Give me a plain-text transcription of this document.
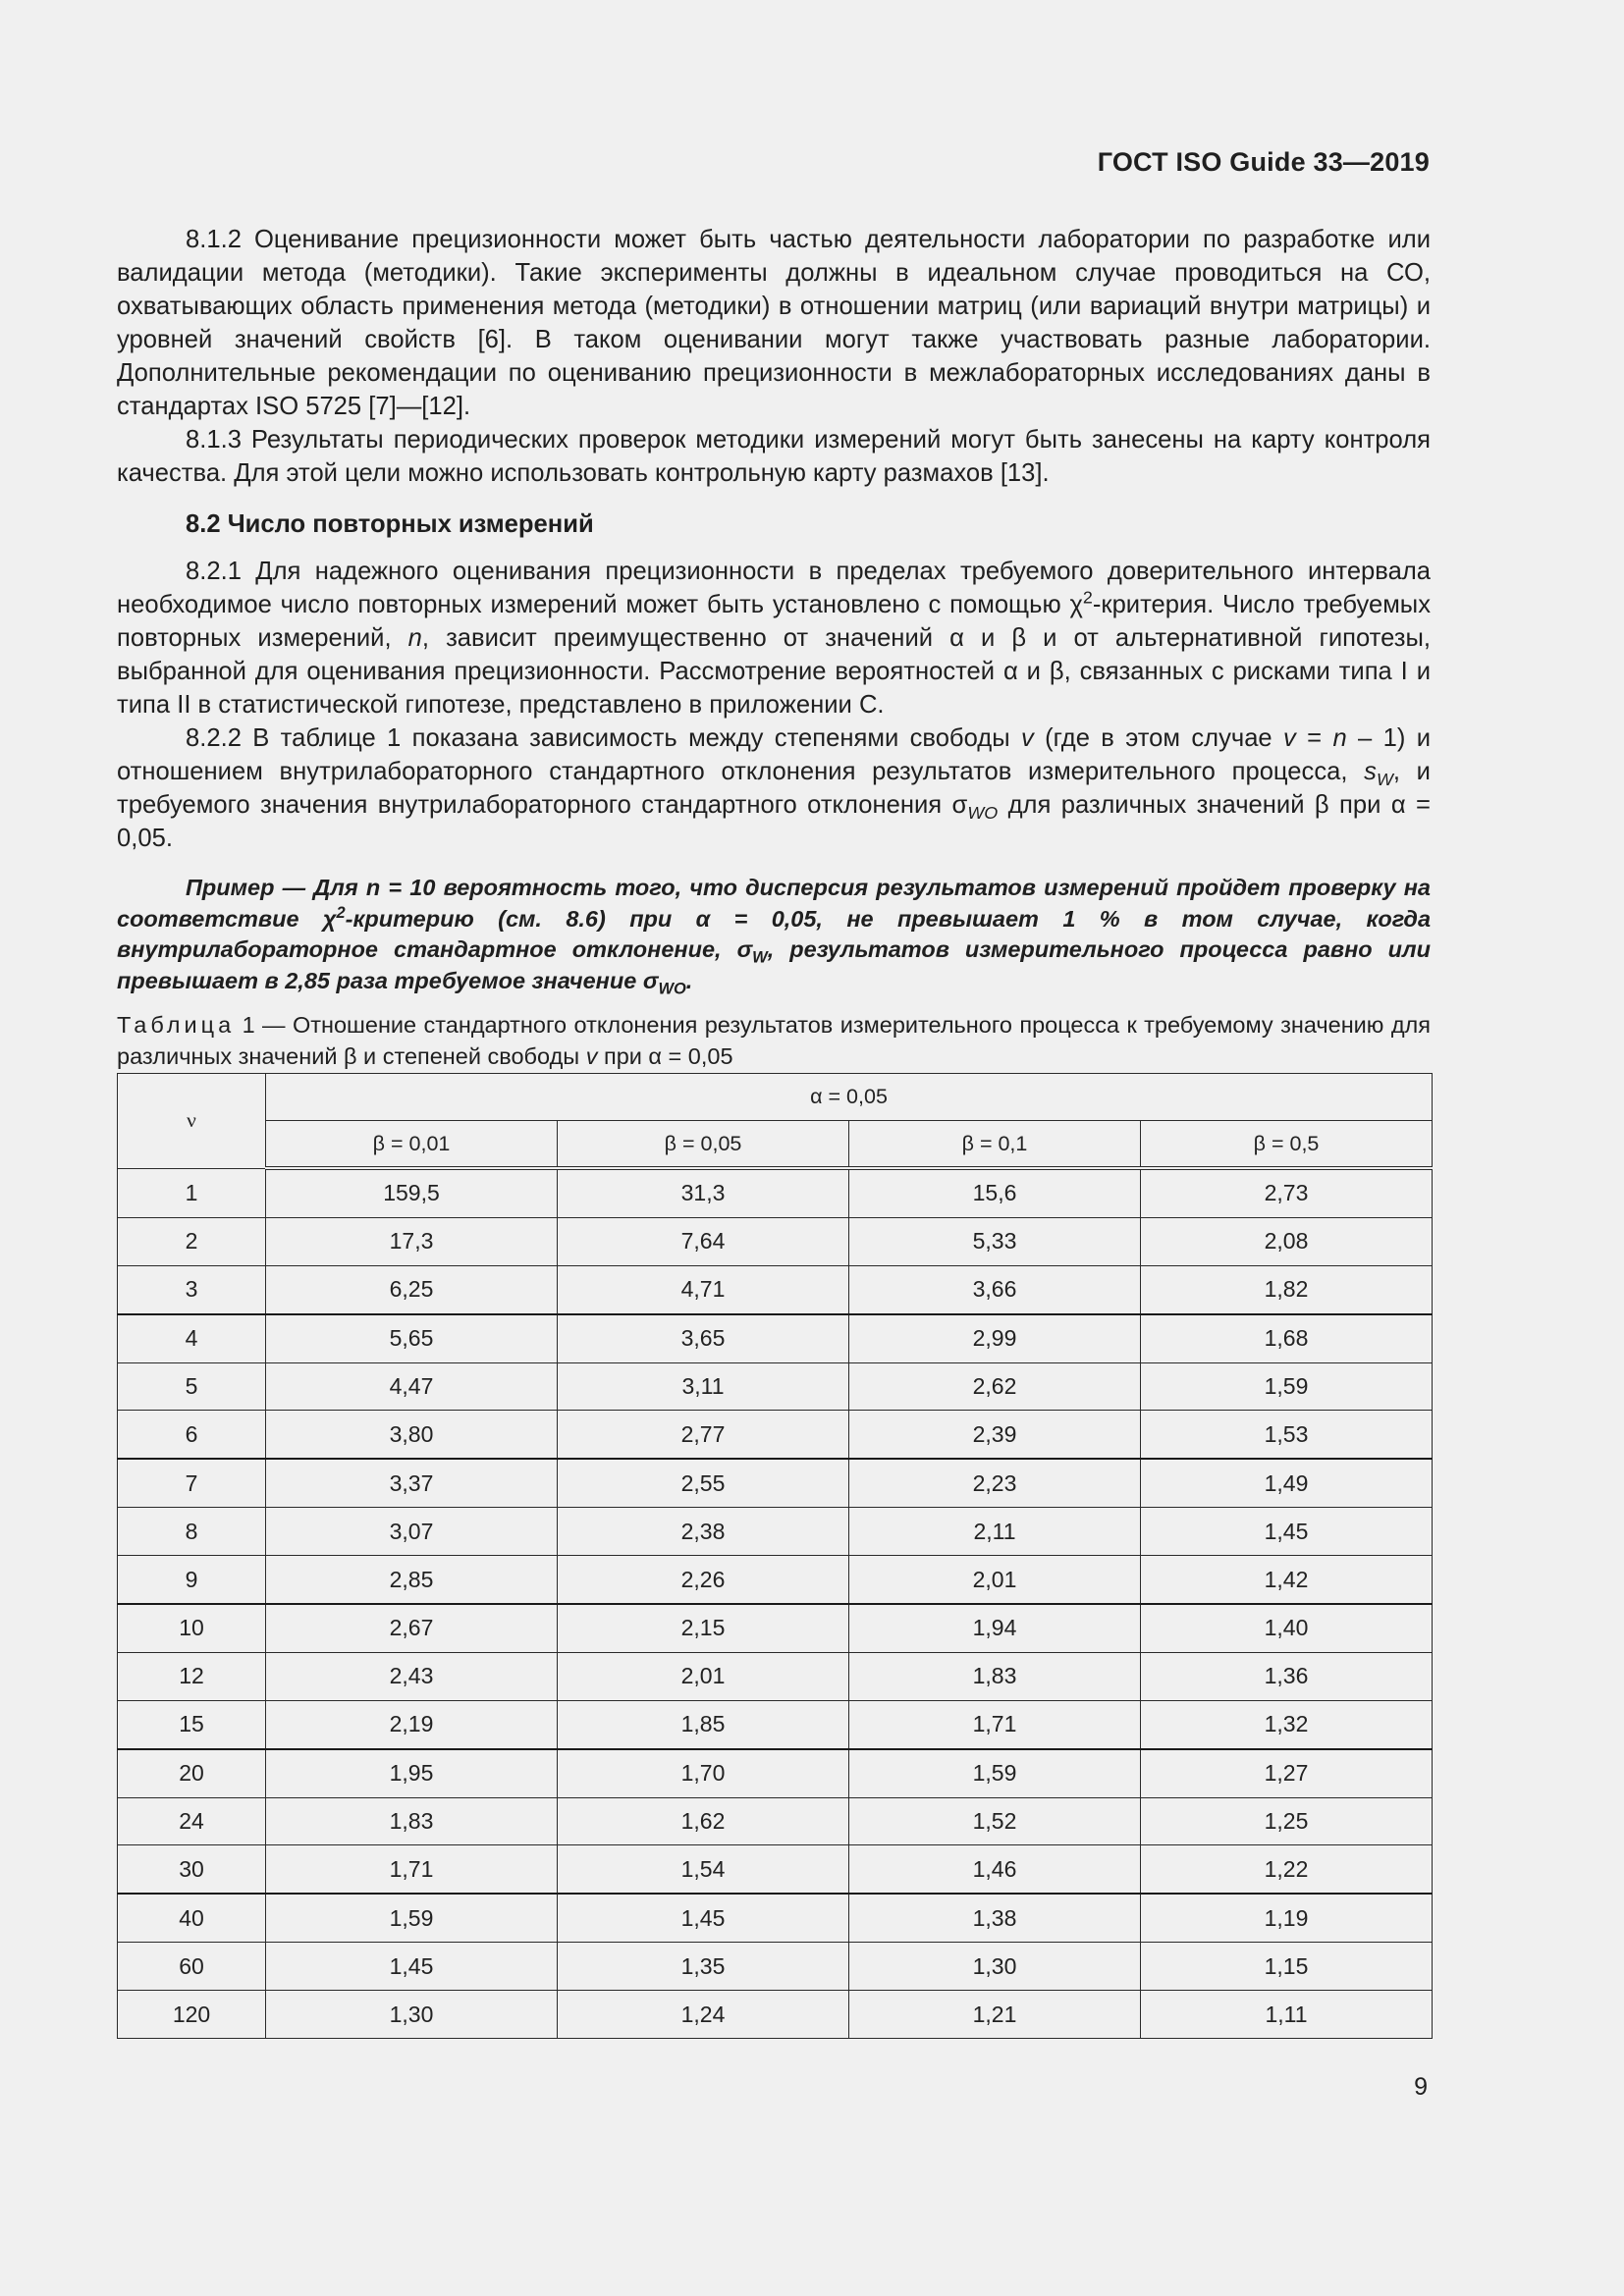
ГОСТ ISO Guide 33—2019

8.1.2 Оценивание прецизионности может быть частью деятельности лаборатории по разработке или валидации метода (методики). Такие эксперименты должны в идеальном случае проводиться на СО, охватывающих область применения метода (методики) в отношении матриц (или вариаций внутри матрицы) и уровней значений свойств [6]. В таком оценивании могут также участвовать разные лаборатории. Дополнительные рекомендации по оцениванию прецизионности в межлабораторных исследованиях даны в стандартах ISO 5725 [7]—[12].

8.1.3 Результаты периодических проверок методики измерений могут быть занесены на карту контроля качества. Для этой цели можно использовать контрольную карту размахов [13].

8.2 Число повторных измерений

8.2.1 Для надежного оценивания прецизионности в пределах требуемого доверительного интервала необходимое число повторных измерений может быть установлено с помощью $\chi^2$-критерия. Число требуемых повторных измерений, n, зависит преимущественно от значений α и β и от альтернативной гипотезы, выбранной для оценивания прецизионности. Рассмотрение вероятностей α и β, связанных с рисками типа I и типа II в статистической гипотезе, представлено в приложении С.

8.2.2 В таблице 1 показана зависимость между степенями свободы v (где в этом случае v = n – 1) и отношением внутрилабораторного стандартного отклонения результатов измерительного процесса, $s_W$, и требуемого значения внутрилабораторного стандартного отклонения $\sigma_{WO}$ для различных значений β при α = 0,05.

Пример — Для n = 10 вероятность того, что дисперсия результатов измерений пройдет проверку на соответствие $\chi^2$-критерию (см. 8.6) при α = 0,05, не превышает 1 % в том случае, когда внутрилабораторное стандартное отклонение, $\sigma_W$, результатов измерительного процесса равно или превышает в 2,85 раза требуемое значение $\sigma_{WO}$.
Таблица 1 — Отношение стандартного отклонения результатов измерительного процесса к требуемому значению для различных значений β и степеней свободы v при α = 0,05
ν	α = 0,05			
	β = 0,01	β = 0,05	β = 0,1	β = 0,5
1	159,5	31,3	15,6	2,73
2	17,3	7,64	5,33	2,08
3	6,25	4,71	3,66	1,82
4	5,65	3,65	2,99	1,68
5	4,47	3,11	2,62	1,59
6	3,80	2,77	2,39	1,53
7	3,37	2,55	2,23	1,49
8	3,07	2,38	2,11	1,45
9	2,85	2,26	2,01	1,42
10	2,67	2,15	1,94	1,40
12	2,43	2,01	1,83	1,36
15	2,19	1,85	1,71	1,32
20	1,95	1,70	1,59	1,27
24	1,83	1,62	1,52	1,25
30	1,71	1,54	1,46	1,22
40	1,59	1,45	1,38	1,19
60	1,45	1,35	1,30	1,15
120	1,30	1,24	1,21	1,11
9
